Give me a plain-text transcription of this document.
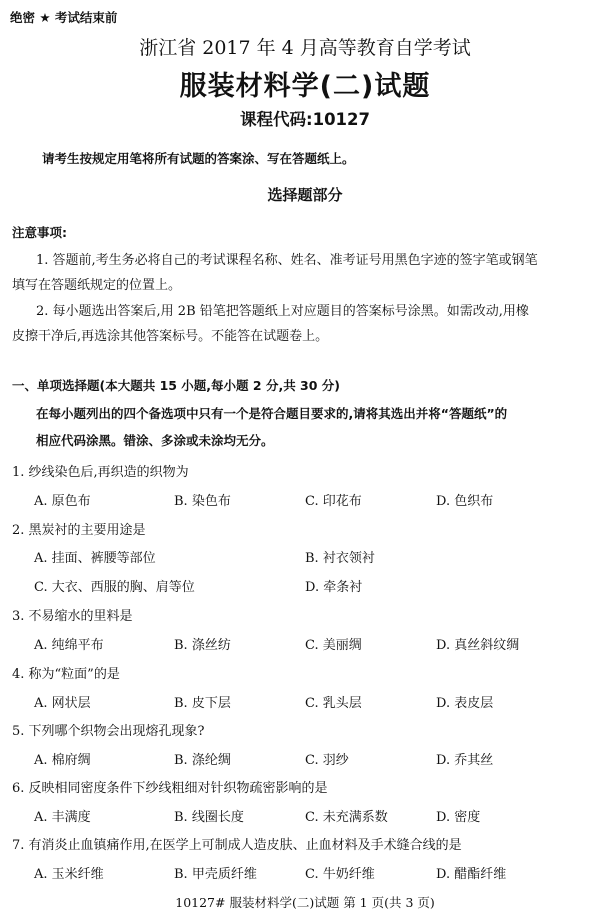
绝密 ★ 考试结束前
浙江省 2017 年 4 月高等教育自学考试
服装材料学(二)试题
课程代码:10127
请考生按规定用笔将所有试题的答案涂、写在答题纸上。
选择题部分
注意事项:
1. 答题前,考生务必将自己的考试课程名称、姓名、准考证号用黑色字迹的签字笔或钢笔
填写在答题纸规定的位置上。
2. 每小题选出答案后,用 2B 铅笔把答题纸上对应题目的答案标号涂黑。如需改动,用橡
皮擦干净后,再选涂其他答案标号。不能答在试题卷上。
一、单项选择题(本大题共 15 小题,每小题 2 分,共 30 分)
在每小题列出的四个备选项中只有一个是符合题目要求的,请将其选出并将“答题纸”的
相应代码涂黑。错涂、多涂或未涂均无分。
1. 纱线染色后,再织造的织物为
A. 原色布	B. 染色布	C. 印花布	D. 色织布
2. 黑炭衬的主要用途是
A. 挂面、裤腰等部位	B. 衬衣领衬
C. 大衣、西服的胸、肩等位	D. 牵条衬
3. 不易缩水的里料是
A. 纯绵平布	B. 涤丝纺	C. 美丽绸	D. 真丝斜纹绸
4. 称为“粒面”的是
A. 网状层	B. 皮下层	C. 乳头层	D. 表皮层
5. 下列哪个织物会出现熔孔现象?
A. 棉府绸	B. 涤纶绸	C. 羽纱	D. 乔其丝
6. 反映相同密度条件下纱线粗细对针织物疏密影响的是
A. 丰满度	B. 线圈长度	C. 未充满系数	D. 密度
7. 有消炎止血镇痛作用,在医学上可制成人造皮肤、止血材料及手术缝合线的是
A. 玉米纤维	B. 甲壳质纤维	C. 牛奶纤维	D. 醋酯纤维
10127# 服装材料学(二)试题 第 1 页(共 3 页)
